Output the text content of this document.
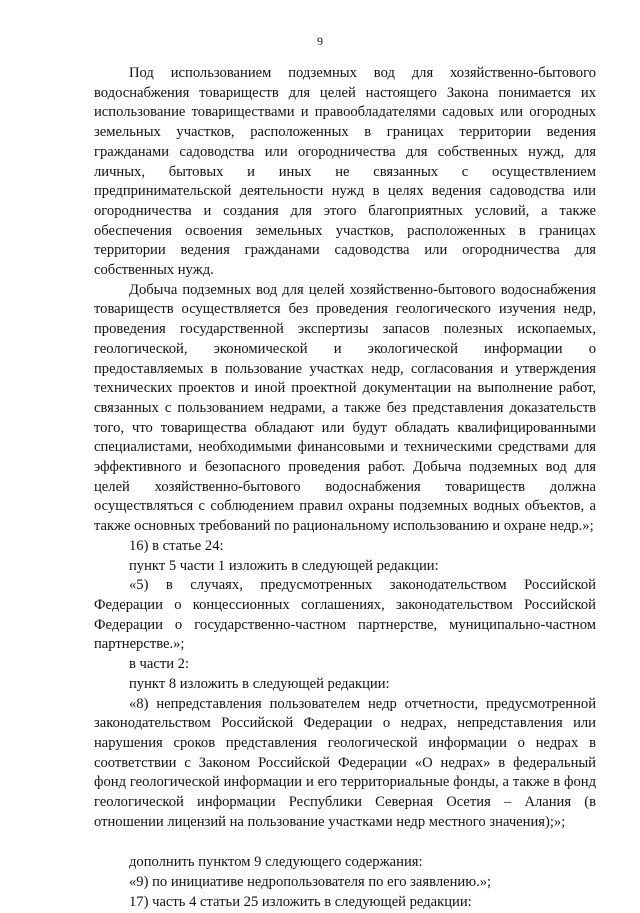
9

Под использованием подземных вод для хозяйственно-бытового водоснабжения товариществ для целей настоящего Закона понимается их использование товариществами и правообладателями садовых или огородных земельных участков, расположенных в границах территории ведения гражданами садоводства или огородничества для собственных нужд, для личных, бытовых и иных не связанных с осуществлением предпринимательской деятельности нужд в целях ведения садоводства или огородничества и создания для этого благоприятных условий, а также обеспечения освоения земельных участков, расположенных в границах территории ведения гражданами садоводства или огородничества для собственных нужд.

Добыча подземных вод для целей хозяйственно-бытового водоснабжения товариществ осуществляется без проведения геологического изучения недр, проведения государственной экспертизы запасов полезных ископаемых, геологической, экономической и экологической информации о предоставляемых в пользование участках недр, согласования и утверждения технических проектов и иной проектной документации на выполнение работ, связанных с пользованием недрами, а также без представления доказательств того, что товарищества обладают или будут обладать квалифицированными специалистами, необходимыми финансовыми и техническими средствами для эффективного и безопасного проведения работ. Добыча подземных вод для целей хозяйственно-бытового водоснабжения товариществ должна осуществляться с соблюдением правил охраны подземных водных объектов, а также основных требований по рациональному использованию и охране недр.»;

16) в статье 24:

пункт 5 части 1 изложить в следующей редакции:

«5) в случаях, предусмотренных законодательством Российской Федерации о концессионных соглашениях, законодательством Российской Федерации о государственно-частном партнерстве, муниципально-частном партнерстве.»;

в части 2:

пункт 8 изложить в следующей редакции:

«8) непредставления пользователем недр отчетности, предусмотренной законодательством Российской Федерации о недрах, непредставления или нарушения сроков представления геологической информации о недрах в соответствии с Законом Российской Федерации «О недрах» в федеральный фонд геологической информации и его территориальные фонды, а также в фонд геологической информации Республики Северная Осетия – Алания (в отношении лицензий на пользование участками недр местного значения);»;

дополнить пунктом 9 следующего содержания:

«9) по инициативе недропользователя по его заявлению.»;

17) часть 4 статьи 25 изложить в следующей редакции:
